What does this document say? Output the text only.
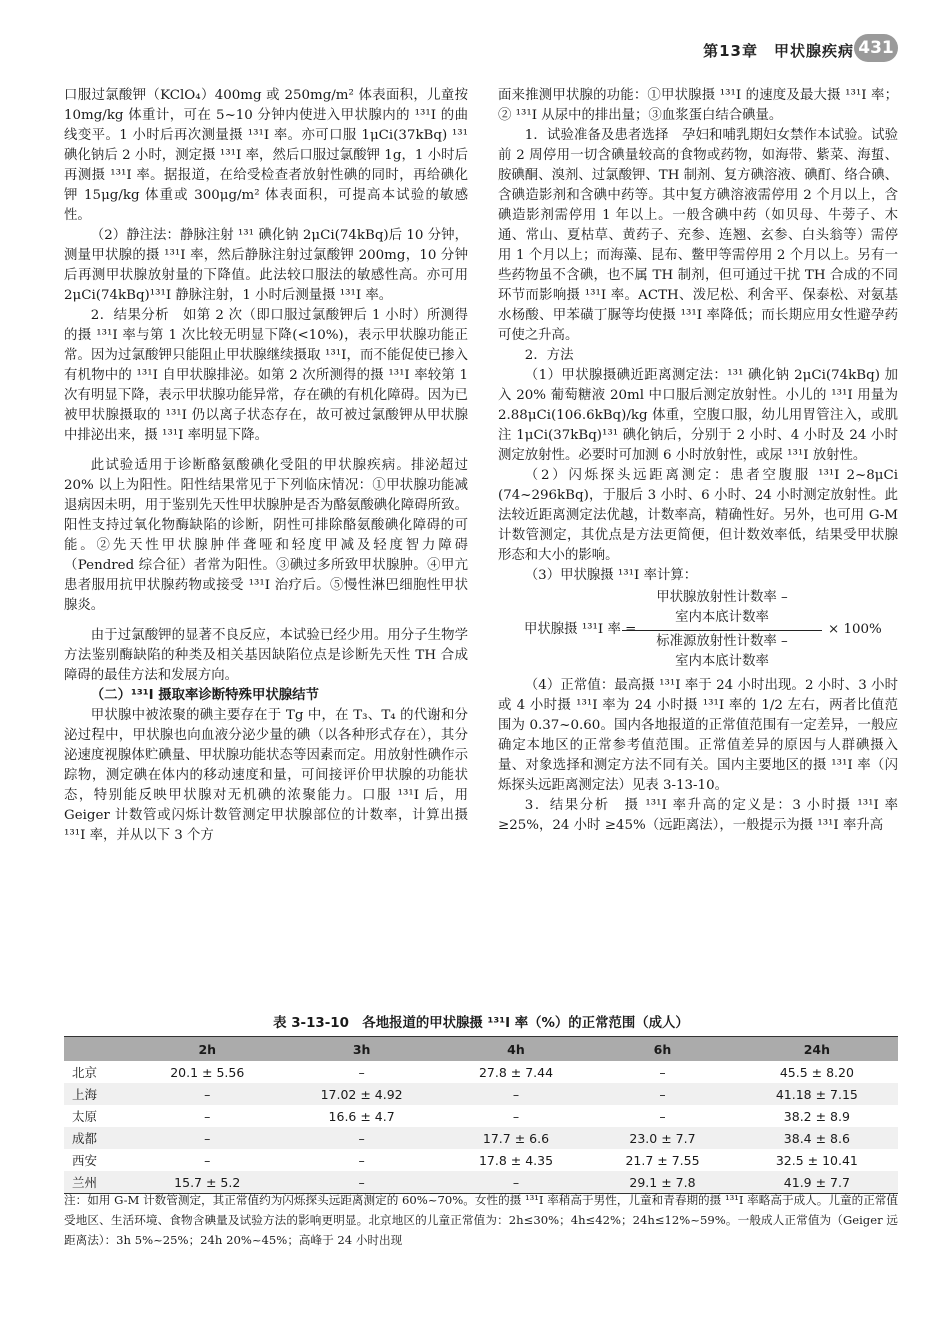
第13章　甲状腺疾病 431

口服过氯酸钾（KClO₄）400mg 或 250mg/m² 体表面积，儿童按 10mg/kg 体重计，可在 5~10 分钟内使进入甲状腺内的 ¹³¹I 的曲线变平。1 小时后再次测量摄 ¹³¹I 率。亦可口服 1μCi(37kBq) ¹³¹ 碘化钠后 2 小时，测定摄 ¹³¹I 率，然后口服过氯酸钾 1g，1 小时后再测摄 ¹³¹I 率。据报道，在给受检查者放射性碘的同时，再给碘化钾 15μg/kg 体重或 300μg/m² 体表面积，可提高本试验的敏感性。

（2）静注法：静脉注射 ¹³¹ 碘化钠 2μCi(74kBq)后 10 分钟，测量甲状腺的摄 ¹³¹I 率，然后静脉注射过氯酸钾 200mg，10 分钟后再测甲状腺放射量的下降值。此法较口服法的敏感性高。亦可用 2μCi(74kBq)¹³¹I 静脉注射，1 小时后测量摄 ¹³¹I 率。

2．结果分析　如第 2 次（即口服过氯酸钾后 1 小时）所测得的摄 ¹³¹I 率与第 1 次比较无明显下降(<10%)，表示甲状腺功能正常。因为过氯酸钾只能阻止甲状腺继续摄取 ¹³¹I，而不能促使已掺入有机物中的 ¹³¹I 自甲状腺排泌。如第 2 次所测得的摄 ¹³¹I 率较第 1 次有明显下降，表示甲状腺功能异常，存在碘的有机化障碍。因为已被甲状腺摄取的 ¹³¹I 仍以离子状态存在，故可被过氯酸钾从甲状腺中排泌出来，摄 ¹³¹I 率明显下降。

此试验适用于诊断酪氨酸碘化受阻的甲状腺疾病。排泌超过 20% 以上为阳性。阳性结果常见于下列临床情况：①甲状腺功能减退病因未明，用于鉴别先天性甲状腺肿是否为酪氨酸碘化障碍所致。阳性支持过氧化物酶缺陷的诊断，阴性可排除酪氨酸碘化障碍的可能。②先天性甲状腺肿伴聋哑和轻度甲减及轻度智力障碍（Pendred 综合征）者常为阳性。③碘过多所致甲状腺肿。④甲亢患者服用抗甲状腺药物或接受 ¹³¹I 治疗后。⑤慢性淋巴细胞性甲状腺炎。

由于过氯酸钾的显著不良反应，本试验已经少用。用分子生物学方法鉴别酶缺陷的种类及相关基因缺陷位点是诊断先天性 TH 合成障碍的最佳方法和发展方向。

（二）¹³¹I 摄取率诊断特殊甲状腺结节

甲状腺中被浓聚的碘主要存在于 Tg 中，在 T₃、T₄ 的代谢和分泌过程中，甲状腺也向血液分泌少量的碘（以各种形式存在），其分泌速度视腺体贮碘量、甲状腺功能状态等因素而定。用放射性碘作示踪物，测定碘在体内的移动速度和量，可间接评价甲状腺的功能状态，特别能反映甲状腺对无机碘的浓聚能力。口服 ¹³¹I 后，用 Geiger 计数管或闪烁计数管测定甲状腺部位的计数率，计算出摄 ¹³¹I 率，并从以下 3 个方

面来推测甲状腺的功能：①甲状腺摄 ¹³¹I 的速度及最大摄 ¹³¹I 率；② ¹³¹I 从尿中的排出量；③血浆蛋白结合碘量。

1．试验准备及患者选择　孕妇和哺乳期妇女禁作本试验。试验前 2 周停用一切含碘量较高的食物或药物，如海带、紫菜、海蜇、胺碘酮、溴剂、过氯酸钾、TH 制剂、复方碘溶液、碘酊、络合碘、含碘造影剂和含碘中药等。其中复方碘溶液需停用 2 个月以上，含碘造影剂需停用 1 年以上。一般含碘中药（如贝母、牛蒡子、木通、常山、夏枯草、黄药子、充参、连翘、玄参、白头翁等）需停用 1 个月以上；而海藻、昆布、鳖甲等需停用 2 个月以上。另有一些药物虽不含碘，也不属 TH 制剂，但可通过干扰 TH 合成的不同环节而影响摄 ¹³¹I 率。ACTH、泼尼松、利舍平、保泰松、对氨基水杨酸、甲苯磺丁脲等均使摄 ¹³¹I 率降低；而长期应用女性避孕药可使之升高。

2．方法

（1）甲状腺摄碘近距离测定法：¹³¹ 碘化钠 2μCi(74kBq) 加入 20% 葡萄糖液 20ml 中口服后测定放射性。小儿的 ¹³¹I 用量为 2.88μCi(106.6kBq)/kg 体重，空腹口服，幼儿用胃管注入，或肌注 1μCi(37kBq)¹³¹ 碘化钠后，分别于 2 小时、4 小时及 24 小时测定放射性。必要时可加测 6 小时放射性，或尿 ¹³¹I 放射性。

（2）闪烁探头远距离测定：患者空腹服 ¹³¹I 2~8μCi (74~296kBq)，于服后 3 小时、6 小时、24 小时测定放射性。此法较近距离测定法优越，计数率高，精确性好。另外，也可用 G-M 计数管测定，其优点是方法更简便，但计数效率低，结果受甲状腺形态和大小的影响。

（3）甲状腺摄 ¹³¹I 率计算：

甲状腺摄 ¹³¹I 率 =
甲状腺放射性计数率 –
室内本底计数率
标准源放射性计数率 –
室内本底计数率
× 100%

（4）正常值：最高摄 ¹³¹I 率于 24 小时出现。2 小时、3 小时或 4 小时摄 ¹³¹I 率为 24 小时摄 ¹³¹I 率的 1/2 左右，两者比值范围为 0.37~0.60。国内各地报道的正常值范围有一定差异，一般应确定本地区的正常参考值范围。正常值差异的原因与人群碘摄入量、对象选择和测定方法不同有关。国内主要地区的摄 ¹³¹I 率（闪烁探头远距离测定法）见表 3-13-10。

3．结果分析　摄 ¹³¹I 率升高的定义是：3 小时摄 ¹³¹I 率 ≥25%，24 小时 ≥45%（远距离法），一般提示为摄 ¹³¹I 率升高

表 3-13-10　各地报道的甲状腺摄 ¹³¹I 率（%）的正常范围（成人）
	2h	3h	4h	6h	24h
北京	20.1 ± 5.56	–	27.8 ± 7.44	–	45.5 ± 8.20
上海	–	17.02 ± 4.92	–	–	41.18 ± 7.15
太原	–	16.6 ± 4.7	–	–	38.2 ± 8.9
成都	–	–	17.7 ± 6.6	23.0 ± 7.7	38.4 ± 8.6
西安	–	–	17.8 ± 4.35	21.7 ± 7.55	32.5 ± 10.41
兰州	15.7 ± 5.2	–	–	29.1 ± 7.8	41.9 ± 7.7
注：如用 G-M 计数管测定，其正常值约为闪烁探头远距离测定的 60%~70%。女性的摄 ¹³¹I 率稍高于男性，儿童和青春期的摄 ¹³¹I 率略高于成人。儿童的正常值受地区、生活环境、食物含碘量及试验方法的影响更明显。北京地区的儿童正常值为：2h≤30%；4h≤42%；24h≤12%~59%。一般成人正常值为（Geiger 远距离法）：3h 5%~25%；24h 20%~45%；高峰于 24 小时出现
